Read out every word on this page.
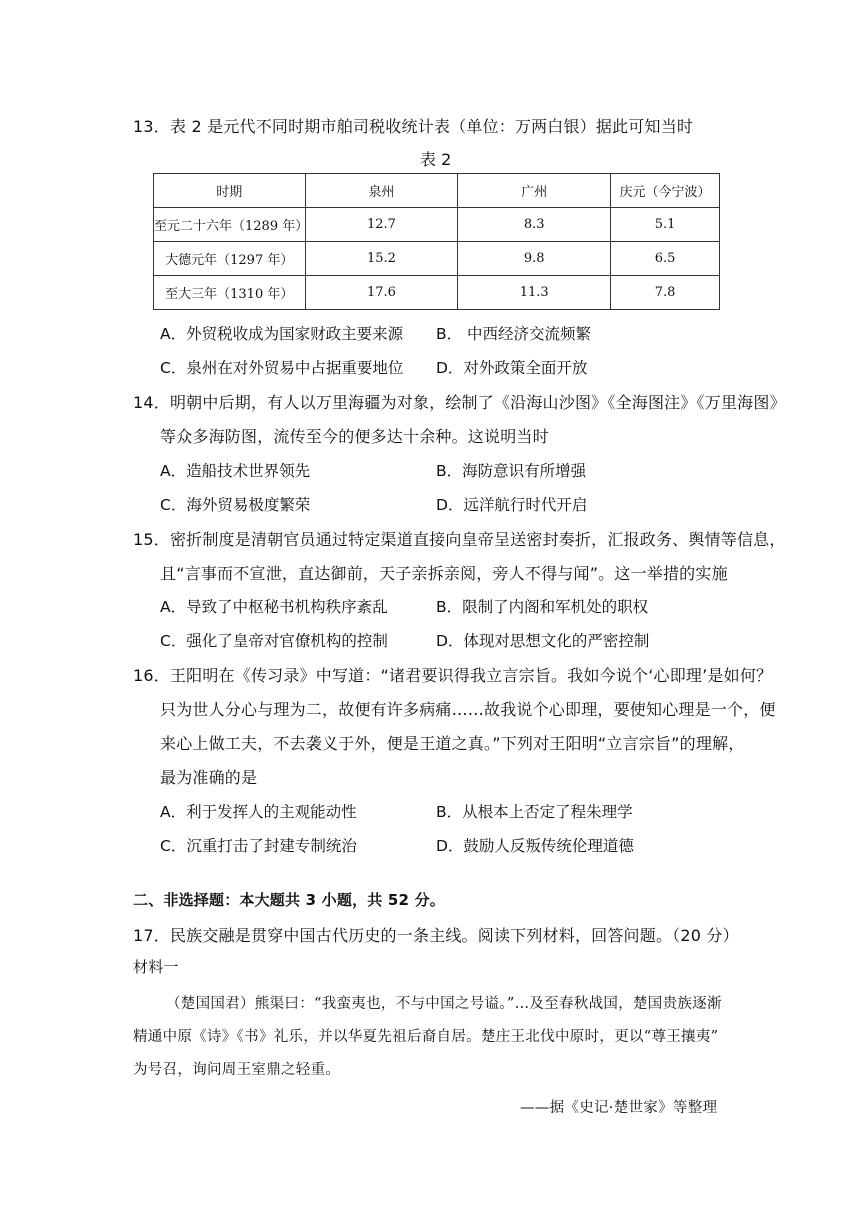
13．表 2 是元代不同时期市舶司税收统计表（单位：万两白银）据此可知当时
表 2
时期	泉州	广州	庆元（今宁波）
至元二十六年（1289 年）	12.7	8.3	5.1
大德元年（1297 年）	15.2	9.8	6.5
至大三年（1310 年）	17.6	11.3	7.8
A．外贸税收成为国家财政主要来源 B． 中西经济交流频繁
C．泉州在对外贸易中占据重要地位 D．对外政策全面开放
14．明朝中后期，有人以万里海疆为对象，绘制了《沿海山沙图》《全海图注》《万里海图》
等众多海防图，流传至今的便多达十余种。这说明当时
A．造船技术世界领先	B．海防意识有所增强
C．海外贸易极度繁荣	D．远洋航行时代开启
15．密折制度是清朝官员通过特定渠道直接向皇帝呈送密封奏折，汇报政务、舆情等信息，
且“言事而不宣泄，直达御前，天子亲拆亲阅，旁人不得与闻”。这一举措的实施
A．导致了中枢秘书机构秩序紊乱	B．限制了内阁和军机处的职权
C．强化了皇帝对官僚机构的控制	D．体现对思想文化的严密控制
16．王阳明在《传习录》中写道：“诸君要识得我立言宗旨。我如今说个‘心即理’是如何？
只为世人分心与理为二，故便有许多病痛……故我说个心即理，要使知心理是一个，便
来心上做工夫，不去袭义于外，便是王道之真。”下列对王阳明“立言宗旨”的理解，
最为准确的是
A．利于发挥人的主观能动性	B．从根本上否定了程朱理学
C．沉重打击了封建专制统治	D．鼓励人反叛传统伦理道德
二、非选择题：本大题共 3 小题，共 52 分。
17．民族交融是贯穿中国古代历史的一条主线。阅读下列材料，回答问题。（20 分）
材料一
（楚国国君）熊渠曰：“我蛮夷也，不与中国之号谥。”…及至春秋战国，楚国贵族逐渐
精通中原《诗》《书》礼乐，并以华夏先祖后裔自居。楚庄王北伐中原时，更以“尊王攘夷”
为号召，询问周王室鼎之轻重。
——据《史记·楚世家》等整理
